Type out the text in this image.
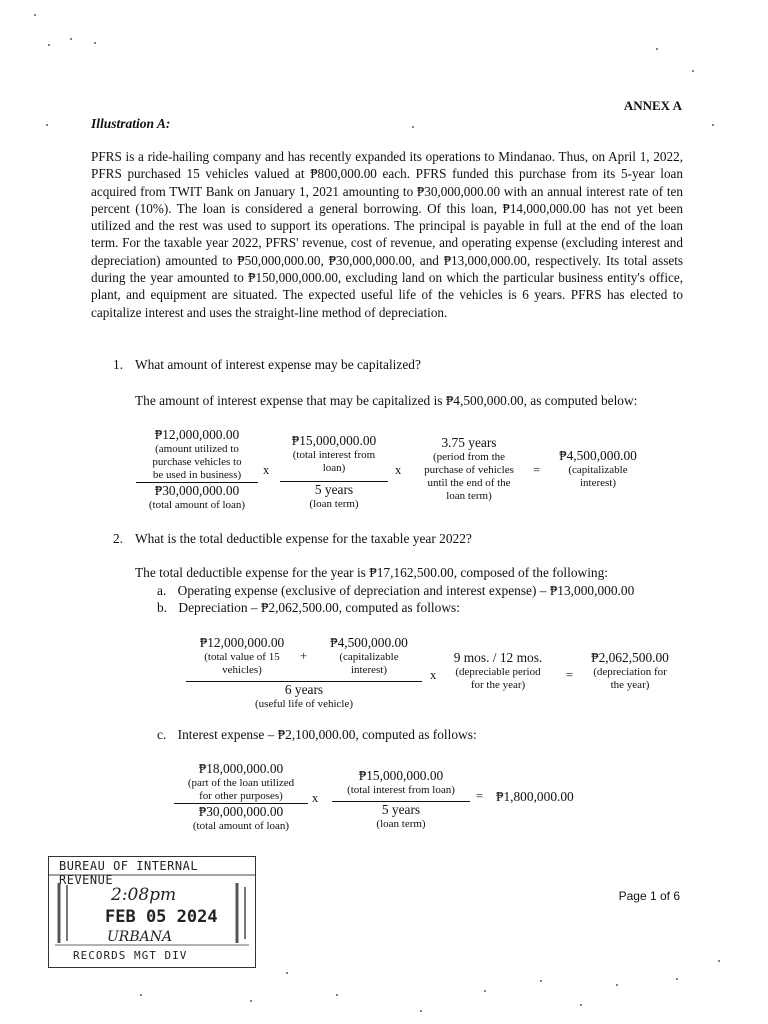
ANNEX A
Illustration A:
PFRS is a ride-hailing company and has recently expanded its operations to Mindanao. Thus, on April 1, 2022, PFRS purchased 15 vehicles valued at ₱800,000.00 each. PFRS funded this purchase from its 5-year loan acquired from TWIT Bank on January 1, 2021 amounting to ₱30,000,000.00 with an annual interest rate of ten percent (10%). The loan is considered a general borrowing. Of this loan, ₱14,000,000.00 has not yet been utilized and the rest was used to support its operations. The principal is payable in full at the end of the loan term. For the taxable year 2022, PFRS' revenue, cost of revenue, and operating expense (excluding interest and depreciation) amounted to ₱50,000,000.00, ₱30,000,000.00, and ₱13,000,000.00, respectively. Its total assets during the year amounted to ₱150,000,000.00, excluding land on which the particular business entity's office, plant, and equipment are situated. The expected useful life of the vehicles is 6 years. PFRS has elected to capitalize interest and uses the straight-line method of depreciation.
1. What amount of interest expense may be capitalized?
The amount of interest expense that may be capitalized is ₱4,500,000.00, as computed below:
₱12,000,000.00
(amount utilized to
purchase vehicles to
be used in business)
₱30,000,000.00
(total amount of loan)
x
₱15,000,000.00
(total interest from
loan)
5 years
(loan term)
x
3.75 years
(period from the
purchase of vehicles
until the end of the
loan term)
=
₱4,500,000.00
(capitalizable
interest)
2. What is the total deductible expense for the taxable year 2022?
The total deductible expense for the year is ₱17,162,500.00, composed of the following:
a. Operating expense (exclusive of depreciation and interest expense) – ₱13,000,000.00
b. Depreciation – ₱2,062,500.00, computed as follows:
₱12,000,000.00
(total value of 15
vehicles)
+
₱4,500,000.00
(capitalizable
interest)
6 years
(useful life of vehicle)
x
9 mos. / 12 mos.
(depreciable period
for the year)
=
₱2,062,500.00
(depreciation for
the year)
c. Interest expense – ₱2,100,000.00, computed as follows:
₱18,000,000.00
(part of the loan utilized
for other purposes)
₱30,000,000.00
(total amount of loan)
x
₱15,000,000.00
(total interest from loan)
5 years
(loan term)
= ₱1,800,000.00
BUREAU OF INTERNAL REVENUE
2:08pm
FEB 05 2024
URBANA
RECORDS MGT DIV
Page 1 of 6
